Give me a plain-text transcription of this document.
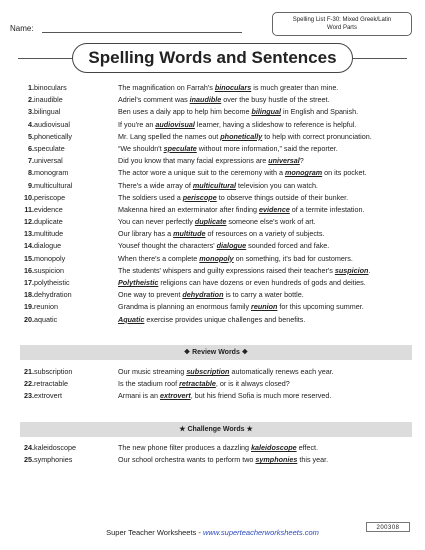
Name:
Spelling List F-30: Mixed Greek/Latin
Word Parts
Spelling Words and Sentences
1. binoculars	The magnification on Farrah's binoculars is much greater than mine.
2. inaudible	Adriel's comment was inaudible over the busy hustle of the street.
3. bilingual	Ben uses a daily app to help him become bilingual in English and Spanish.
4. audiovisual	If you're an audiovisual learner, having a slideshow to reference is helpful.
5. phonetically	Mr. Lang spelled the names out phonetically to help with correct pronunciation.
6. speculate	“We shouldn't speculate without more information,” said the reporter.
7. universal	Did you know that many facial expressions are universal?
8. monogram	The actor wore a unique suit to the ceremony with a monogram on its pocket.
9. multicultural	There's a wide array of multicultural television you can watch.
10. periscope	The soldiers used a periscope to observe things outside of their bunker.
11. evidence	Makenna hired an exterminator after finding evidence of a termite infestation.
12. duplicate	You can never perfectly duplicate someone else's work of art.
13. multitude	Our library has a multitude of resources on a variety of subjects.
14. dialogue	Yousef thought the characters' dialogue sounded forced and fake.
15. monopoly	When there's a complete monopoly on something, it's bad for customers.
16. suspicion	The students' whispers and guilty expressions raised their teacher's suspicion.
17. polytheistic	Polytheistic religions can have dozens or even hundreds of gods and deities.
18. dehydration	One way to prevent dehydration is to carry a water bottle.
19. reunion	Grandma is planning an enormous family reunion for this upcoming summer.
20. aquatic	Aquatic exercise provides unique challenges and benefits.
❖ Review Words ❖
21. subscription	Our music streaming subscription automatically renews each year.
22. retractable	Is the stadium roof retractable, or is it always closed?
23. extrovert	Armani is an extrovert, but his friend Sofia is much more reserved.
★ Challenge Words ★
24. kaleidoscope	The new phone filter produces a dazzling kaleidoscope effect.
25. symphonies	Our school orchestra wants to perform two symphonies this year.
Super Teacher Worksheets - www.superteacherworksheets.com	200308
